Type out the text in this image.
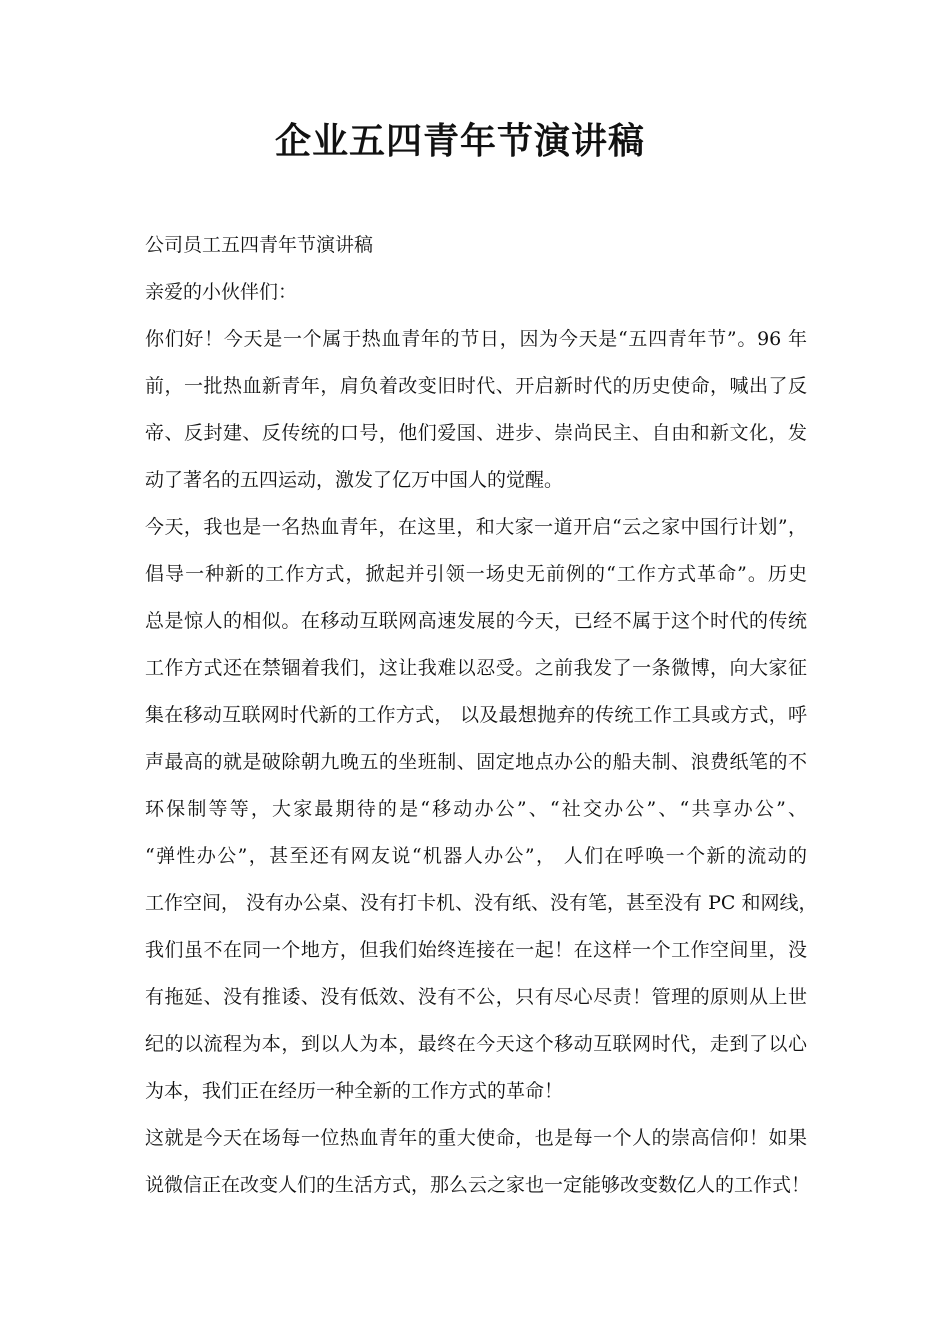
企业五四青年节演讲稿

公司员工五四青年节演讲稿

亲爱的小伙伴们：

你们好！今天是一个属于热血青年的节日，因为今天是“五四青年节”。96 年
前，一批热血新青年，肩负着改变旧时代、开启新时代的历史使命，喊出了反
帝、反封建、反传统的口号，他们爱国、进步、崇尚民主、自由和新文化，发
动了著名的五四运动，激发了亿万中国人的觉醒。

今天，我也是一名热血青年，在这里，和大家一道开启“云之家中国行计划”，
倡导一种新的工作方式，掀起并引领一场史无前例的“工作方式革命”。历史
总是惊人的相似。在移动互联网高速发展的今天，已经不属于这个时代的传统
工作方式还在禁锢着我们，这让我难以忍受。之前我发了一条微博，向大家征
集在移动互联网时代新的工作方式， 以及最想抛弃的传统工作工具或方式，呼
声最高的就是破除朝九晚五的坐班制、固定地点办公的船夫制、浪费纸笔的不
环保制等等，大家最期待的是“移动办公”、“社交办公”、“共享办公”、
“弹性办公”，甚至还有网友说“机器人办公”， 人们在呼唤一个新的流动的
工作空间， 没有办公桌、没有打卡机、没有纸、没有笔，甚至没有 PC 和网线，
我们虽不在同一个地方，但我们始终连接在一起！在这样一个工作空间里，没
有拖延、没有推诿、没有低效、没有不公，只有尽心尽责！管理的原则从上世
纪的以流程为本，到以人为本，最终在今天这个移动互联网时代，走到了以心
为本，我们正在经历一种全新的工作方式的革命！

这就是今天在场每一位热血青年的重大使命，也是每一个人的崇高信仰！如果
说微信正在改变人们的生活方式，那么云之家也一定能够改变数亿人的工作式！
